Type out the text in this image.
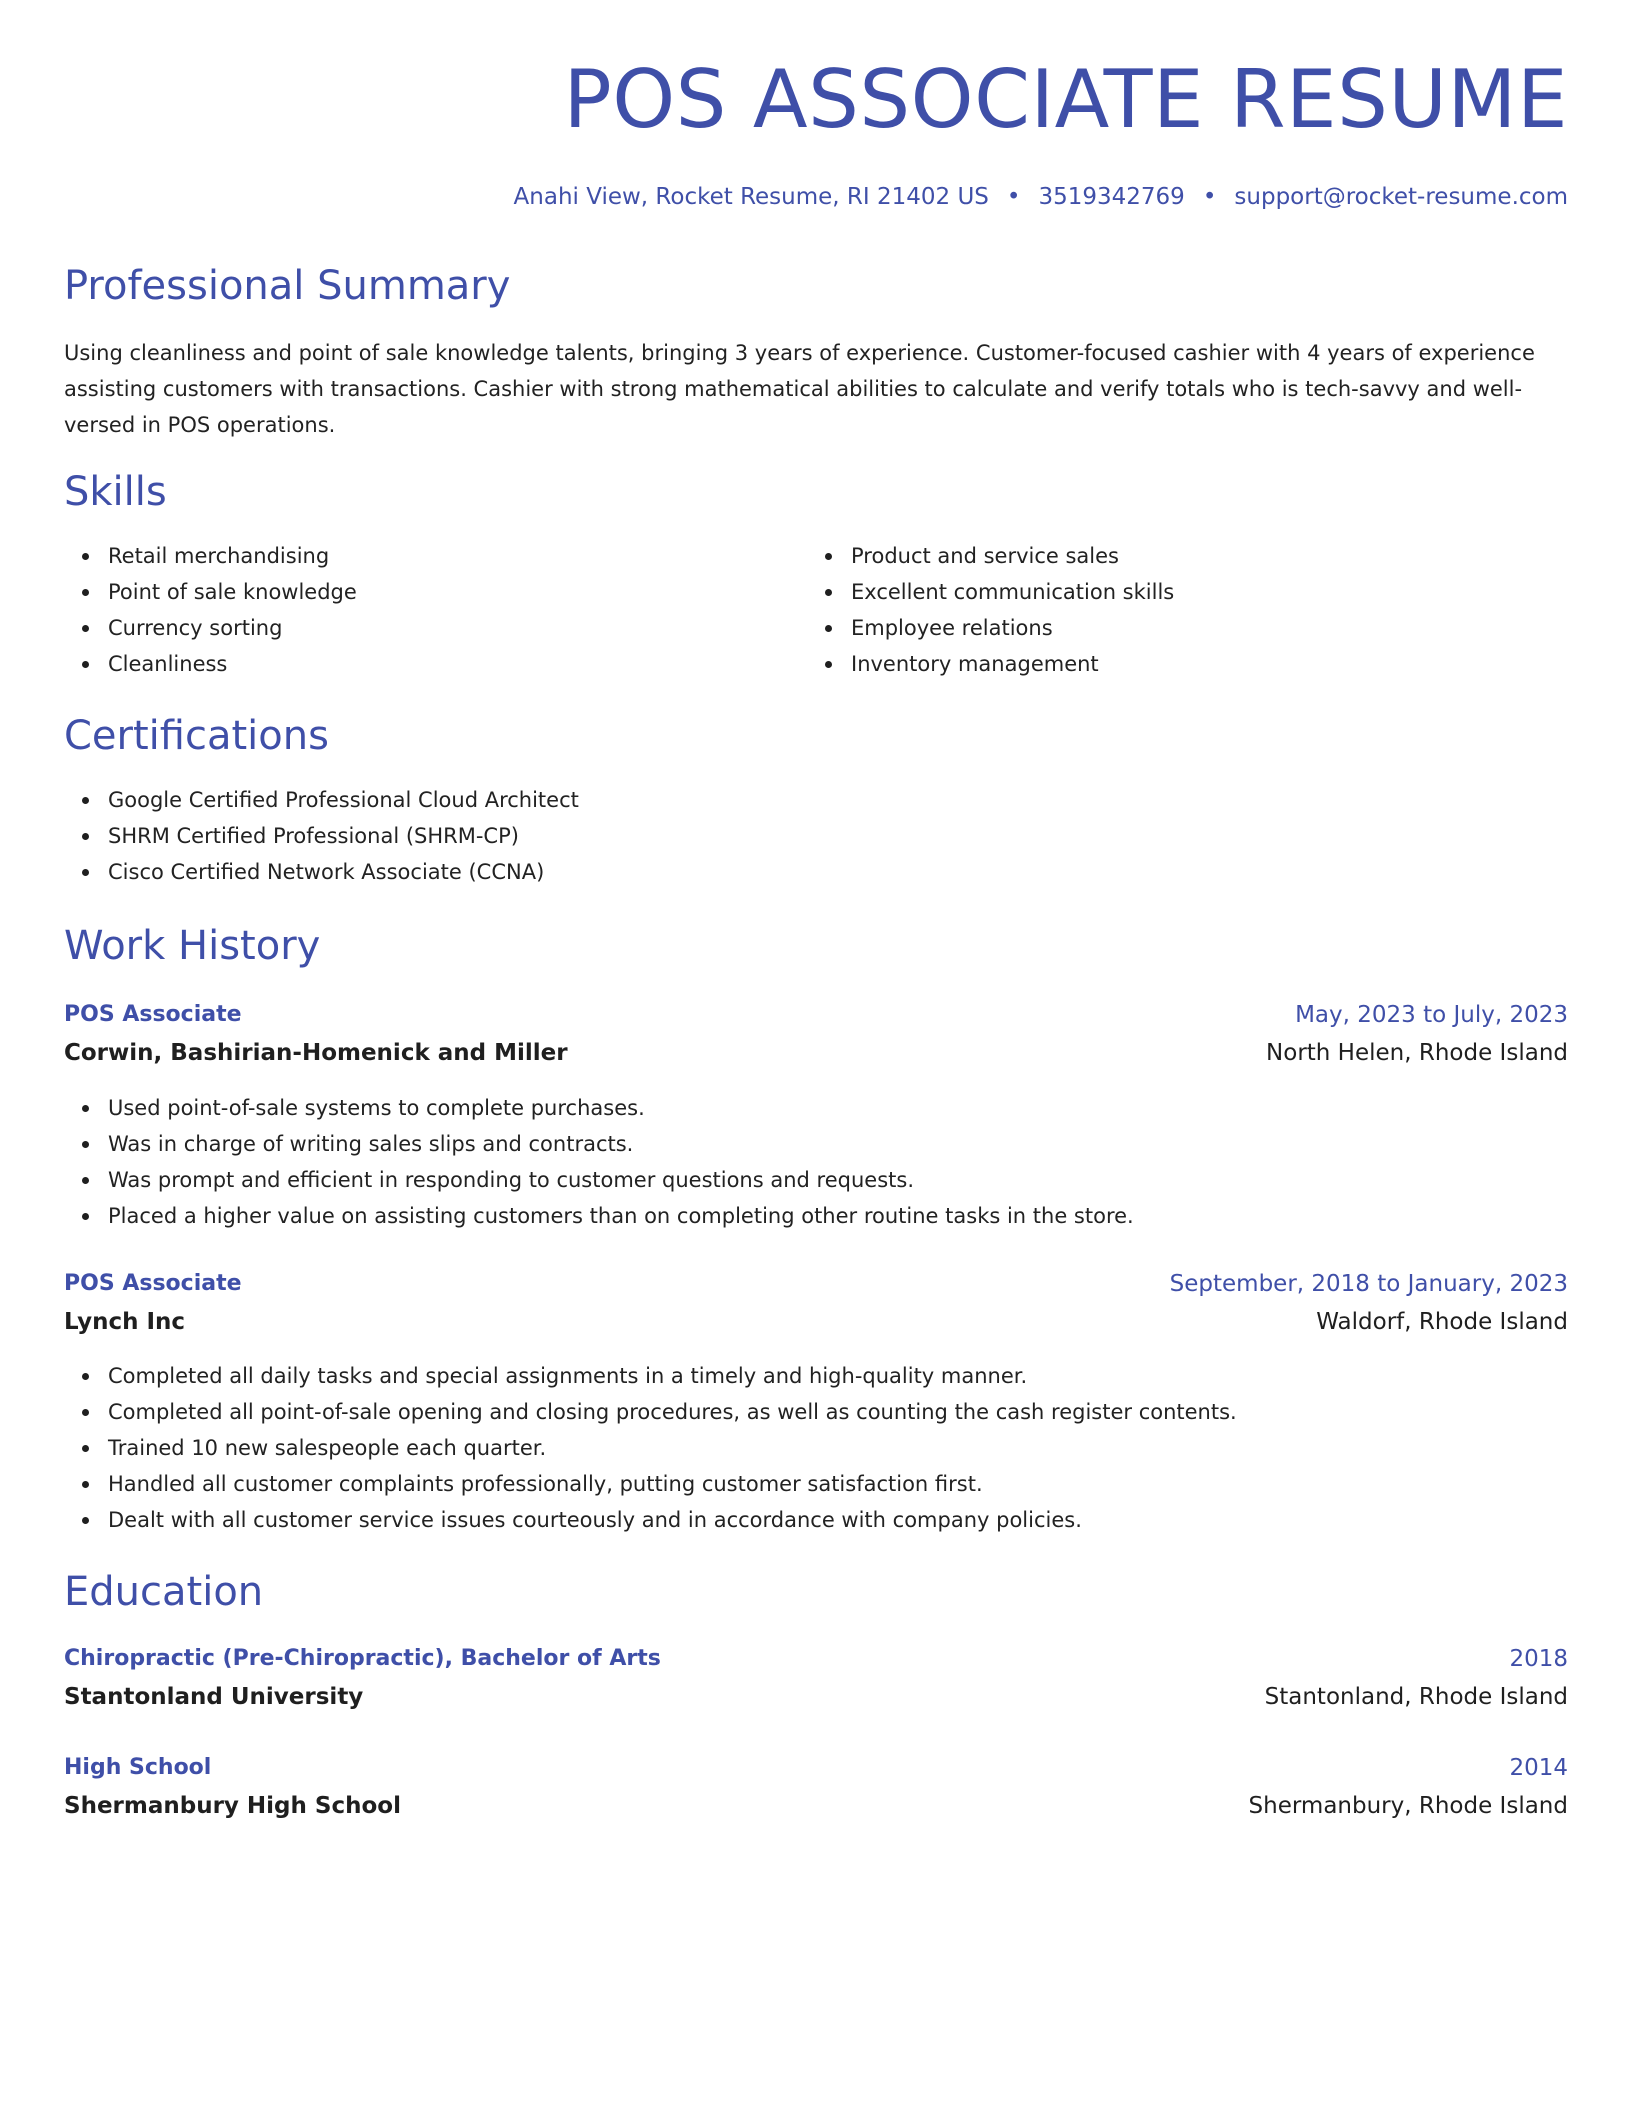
POS ASSOCIATE RESUME
Anahi View, Rocket Resume, RI 21402 US • 3519342769 • support@rocket-resume.com
Professional Summary
Using cleanliness and point of sale knowledge talents, bringing 3 years of experience. Customer-focused cashier with 4 years of experience assisting customers with transactions. Cashier with strong mathematical abilities to calculate and verify totals who is tech-savvy and well-versed in POS operations.
Skills
Retail merchandising
Point of sale knowledge
Currency sorting
Cleanliness
Product and service sales
Excellent communication skills
Employee relations
Inventory management
Certifications
Google Certified Professional Cloud Architect
SHRM Certified Professional (SHRM-CP)
Cisco Certified Network Associate (CCNA)
Work History
POS Associate	May, 2023 to July, 2023
Corwin, Bashirian-Homenick and Miller	North Helen, Rhode Island
Used point-of-sale systems to complete purchases.
Was in charge of writing sales slips and contracts.
Was prompt and efficient in responding to customer questions and requests.
Placed a higher value on assisting customers than on completing other routine tasks in the store.
POS Associate	September, 2018 to January, 2023
Lynch Inc	Waldorf, Rhode Island
Completed all daily tasks and special assignments in a timely and high-quality manner.
Completed all point-of-sale opening and closing procedures, as well as counting the cash register contents.
Trained 10 new salespeople each quarter.
Handled all customer complaints professionally, putting customer satisfaction first.
Dealt with all customer service issues courteously and in accordance with company policies.
Education
Chiropractic (Pre-Chiropractic), Bachelor of Arts	2018
Stantonland University	Stantonland, Rhode Island
High School	2014
Shermanbury High School	Shermanbury, Rhode Island
